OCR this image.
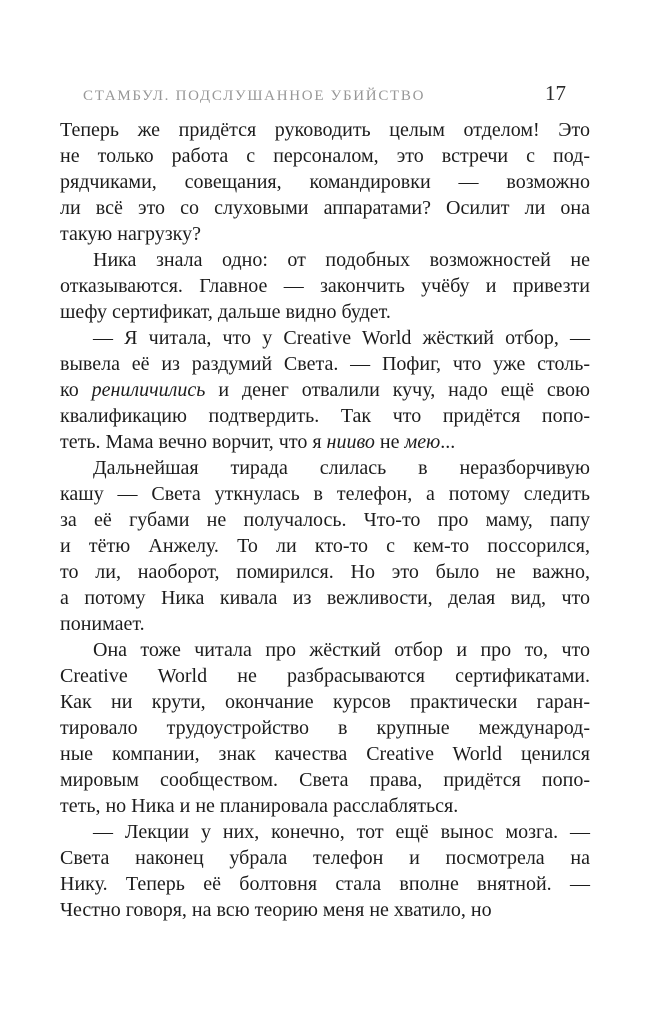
СТАМБУЛ. ПОДСЛУШАННОЕ УБИЙСТВО	17
Теперь же придётся руководить целым отделом! Это
не только работа с персоналом, это встречи с под-
рядчиками, совещания, командировки — возможно
ли всё это со слуховыми аппаратами? Осилит ли она
такую нагрузку?
Ника знала одно: от подобных возможностей не
отказываются. Главное — закончить учёбу и привезти
шефу сертификат, дальше видно будет.
— Я читала, что у Creative World жёсткий отбор, —
вывела её из раздумий Света. — Пофиг, что уже столь-
ко рениличились и денег отвалили кучу, надо ещё свою
квалификацию подтвердить. Так что придётся попо-
теть. Мама вечно ворчит, что я нииво не мею...
Дальнейшая тирада слилась в неразборчивую
кашу — Света уткнулась в телефон, а потому следить
за её губами не получалось. Что-то про маму, папу
и тётю Анжелу. То ли кто-то с кем-то поссорился,
то ли, наоборот, помирился. Но это было не важно,
а потому Ника кивала из вежливости, делая вид, что
понимает.
Она тоже читала про жёсткий отбор и про то, что
Creative World не разбрасываются сертификатами.
Как ни крути, окончание курсов практически гаран-
тировало трудоустройство в крупные международ-
ные компании, знак качества Creative World ценился
мировым сообществом. Света права, придётся попо-
теть, но Ника и не планировала расслабляться.
— Лекции у них, конечно, тот ещё вынос мозга. —
Света наконец убрала телефон и посмотрела на
Нику. Теперь её болтовня стала вполне внятной. —
Честно говоря, на всю теорию меня не хватило, но
